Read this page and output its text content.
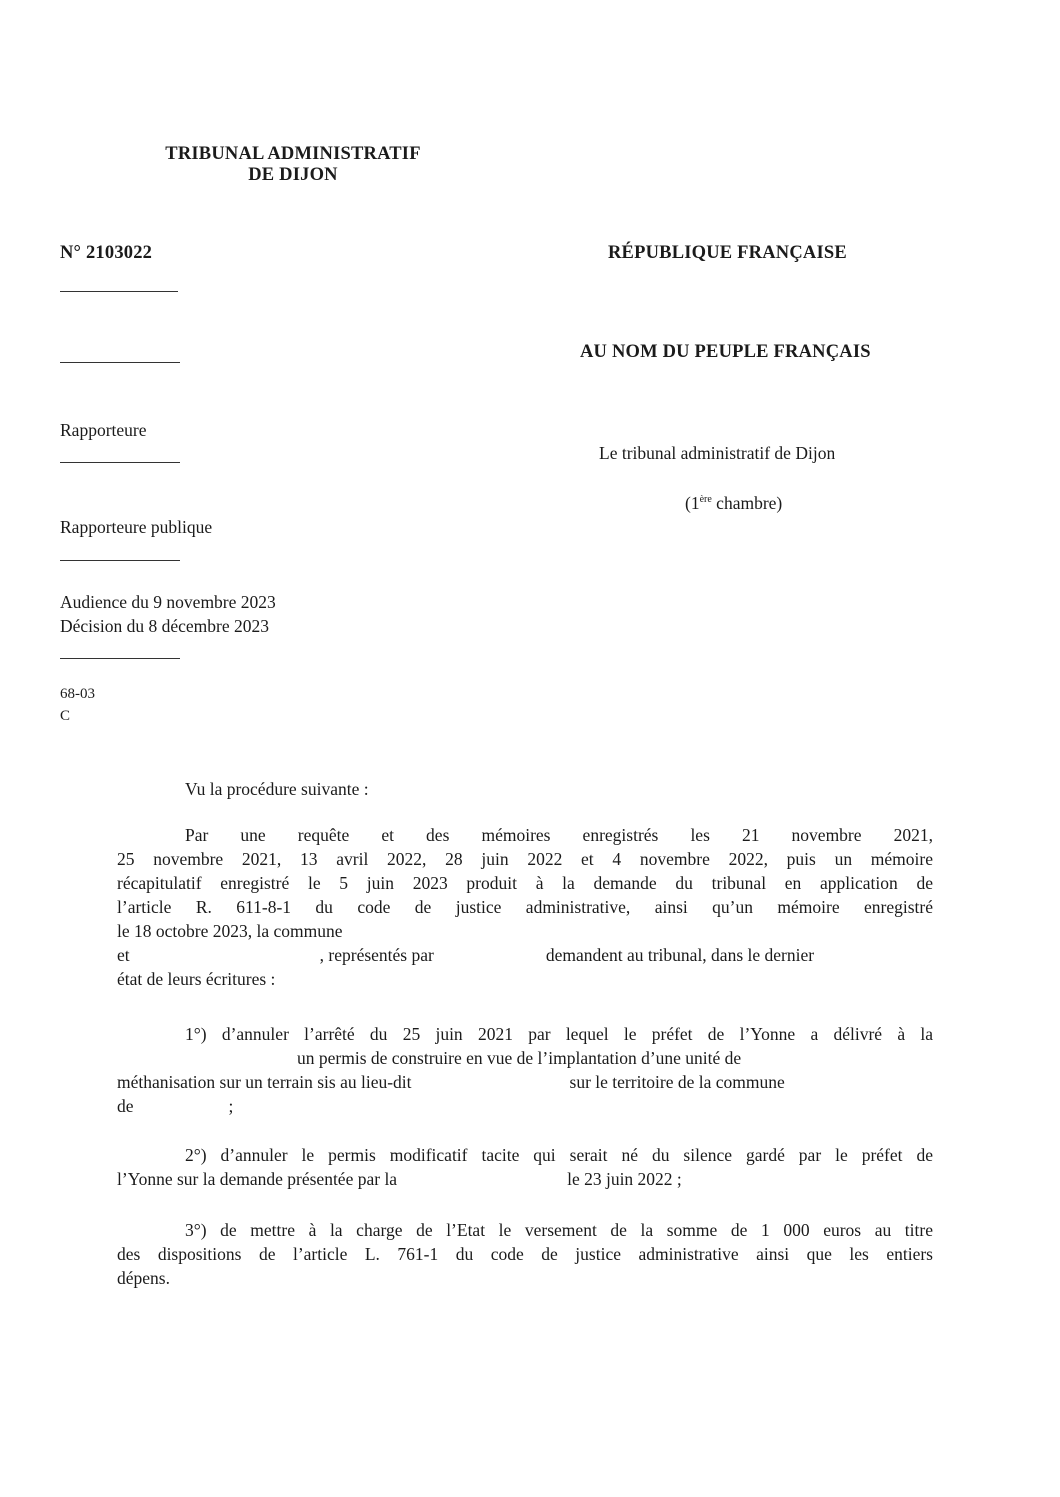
TRIBUNAL ADMINISTRATIF
DE DIJON
N° 2103022	RÉPUBLIQUE FRANÇAISE
AU NOM DU PEUPLE FRANÇAIS
Rapporteure
Le tribunal administratif de Dijon
(1ère chambre)
Rapporteure publique
Audience du 9 novembre 2023
Décision du 8 décembre 2023
68-03
C
Vu la procédure suivante :
Par une requête et des mémoires enregistrés les 21 novembre 2021,
25 novembre 2021, 13 avril 2022, 28 juin 2022 et 4 novembre 2022, puis un mémoire
récapitulatif enregistré le 5 juin 2023 produit à la demande du tribunal en application de
l’article R. 611-8-1 du code de justice administrative, ainsi qu’un mémoire enregistré
le 18 octobre 2023, la commune
et	, représentés par	demandent au tribunal, dans le dernier
état de leurs écritures :
1°) d’annuler l’arrêté du 25 juin 2021 par lequel le préfet de l’Yonne a délivré à la
un permis de construire en vue de l’implantation d’une unité de
méthanisation sur un terrain sis au lieu-dit	sur le territoire de la commune
de	;
2°) d’annuler le permis modificatif tacite qui serait né du silence gardé par le préfet de
l’Yonne sur la demande présentée par la	le 23 juin 2022 ;
3°) de mettre à la charge de l’Etat le versement de la somme de 1 000 euros au titre
des dispositions de l’article L. 761-1 du code de justice administrative ainsi que les entiers
dépens.
